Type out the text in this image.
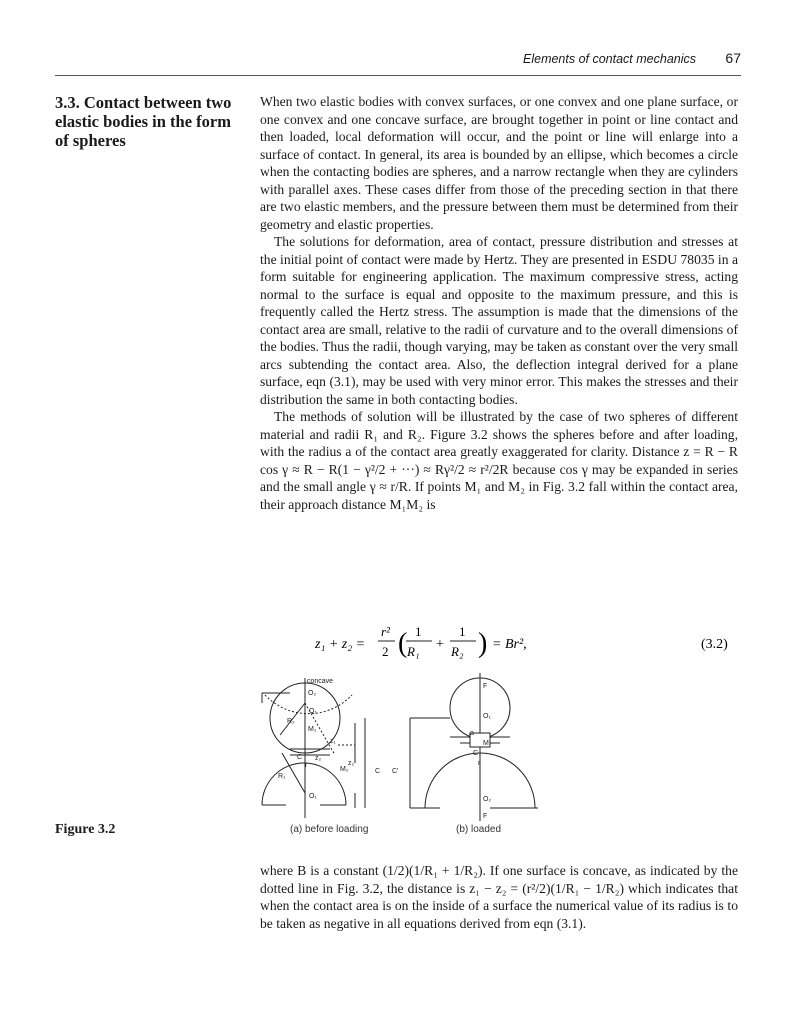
Elements of contact mechanics 67
3.3. Contact between two elastic bodies in the form of spheres

When two elastic bodies with convex surfaces, or one convex and one plane surface, or one convex and one concave surface, are brought together in point or line contact and then loaded, local deformation will occur, and the point or line will enlarge into a surface of contact. In general, its area is bounded by an ellipse, which becomes a circle when the contacting bodies are spheres, and a narrow rectangle when they are cylinders with parallel axes. These cases differ from those of the preceding section in that there are two elastic members, and the pressure between them must be determined from their geometry and elastic properties.

The solutions for deformation, area of contact, pressure distribution and stresses at the initial point of contact were made by Hertz. They are presented in ESDU 78035 in a form suitable for engineering application. The maximum compressive stress, acting normal to the surface is equal and opposite to the maximum pressure, and this is frequently called the Hertz stress. The assumption is made that the dimensions of the contact area are small, relative to the radii of curvature and to the overall dimensions of the bodies. Thus the radii, though varying, may be taken as constant over the very small arcs subtending the contact area. Also, the deflection integral derived for a plane surface, eqn (3.1), may be used with very minor error. This makes the stresses and their distribution the same in both contacting bodies.

The methods of solution will be illustrated by the case of two spheres of different material and radii R₁ and R₂. Figure 3.2 shows the spheres before and after loading, with the radius a of the contact area greatly exaggerated for clarity. Distance z = R − R cos γ ≈ R − R(1 − γ²/2 + ···) ≈ Rγ²/2 ≈ r²/2R because cos γ may be expanded in series and the small angle γ ≈ r/R. If points M₁ and M₂ in Fig. 3.2 fall within the contact area, their approach distance M₁M₂ is

z₁ + z₂ =
r²
2 ( 1
R₁ +
1
R₂ ) = Br²,	(3.2)
concave
O₂
R₂
O₁
M₁
z₁
z₂
z₂
C
r
R₁
O₁
M₂	C C'
F
O₁
a
M
C
r
O₂
F
Figure 3.2	(a) before loading	(b) loaded

where B is a constant (1/2)(1/R₁ + 1/R₂). If one surface is concave, as indicated by the dotted line in Fig. 3.2, the distance is z₁ − z₂ = (r²/2)(1/R₁ − 1/R₂) which indicates that when the contact area is on the inside of a surface the numerical value of its radius is to be taken as negative in all equations derived from eqn (3.1).
